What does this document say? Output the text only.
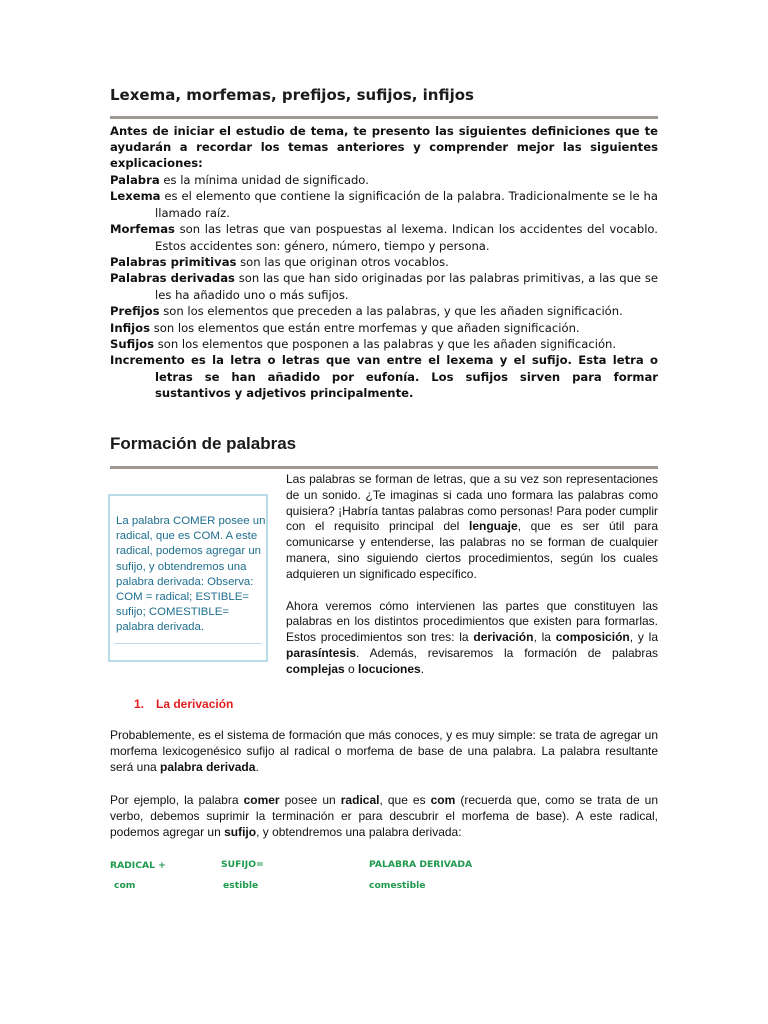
Lexema, morfemas, prefijos, sufijos, infijos

Antes de iniciar el estudio de tema, te presento las siguientes definiciones que te ayudarán a recordar los temas anteriores y comprender mejor las siguientes explicaciones:

Palabra es la mínima unidad de significado.
Lexema es el elemento que contiene la significación de la palabra. Tradicionalmente se le ha llamado raíz.
Morfemas son las letras que van pospuestas al lexema. Indican los accidentes del vocablo. Estos accidentes son: género, número, tiempo y persona.
Palabras primitivas son las que originan otros vocablos.
Palabras derivadas son las que han sido originadas por las palabras primitivas, a las que se les ha añadido uno o más sufijos.
Prefijos son los elementos que preceden a las palabras, y que les añaden significación.
Infijos son los elementos que están entre morfemas y que añaden significación.
Sufijos son los elementos que posponen a las palabras y que les añaden significación.
Incremento es la letra o letras que van entre el lexema y el sufijo. Esta letra o letras se han añadido por eufonía. Los sufijos sirven para formar sustantivos y adjetivos principalmente.
Formación de palabras

La palabra COMER posee un radical, que es COM. A este radical, podemos agregar un sufijo, y obtendremos una palabra derivada: Observa: COM = radical; ESTIBLE= sufijo; COMESTIBLE= palabra derivada.

Las palabras se forman de letras, que a su vez son representaciones de un sonido. ¿Te imaginas si cada uno formara las palabras como quisiera? ¡Habría tantas palabras como personas! Para poder cumplir con el requisito principal del lenguaje, que es ser útil para comunicarse y entenderse, las palabras no se forman de cualquier manera, sino siguiendo ciertos procedimientos, según los cuales adquieren un significado específico.

Ahora veremos cómo intervienen las partes que constituyen las palabras en los distintos procedimientos que existen para formarlas. Estos procedimientos son tres: la derivación, la composición, y la parasíntesis. Además, revisaremos la formación de palabras complejas o locuciones.

1. La derivación

Probablemente, es el sistema de formación que más conoces, y es muy simple: se trata de agregar un morfema lexicogenésico sufijo al radical o morfema de base de una palabra. La palabra resultante será una palabra derivada.

Por ejemplo, la palabra comer posee un radical, que es com (recuerda que, como se trata de un verbo, debemos suprimir la terminación er para descubrir el morfema de base). A este radical, podemos agregar un sufijo, y obtendremos una palabra derivada:

RADICAL +	SUFIJO=	PALABRA DERIVADA
com	estible	comestible
